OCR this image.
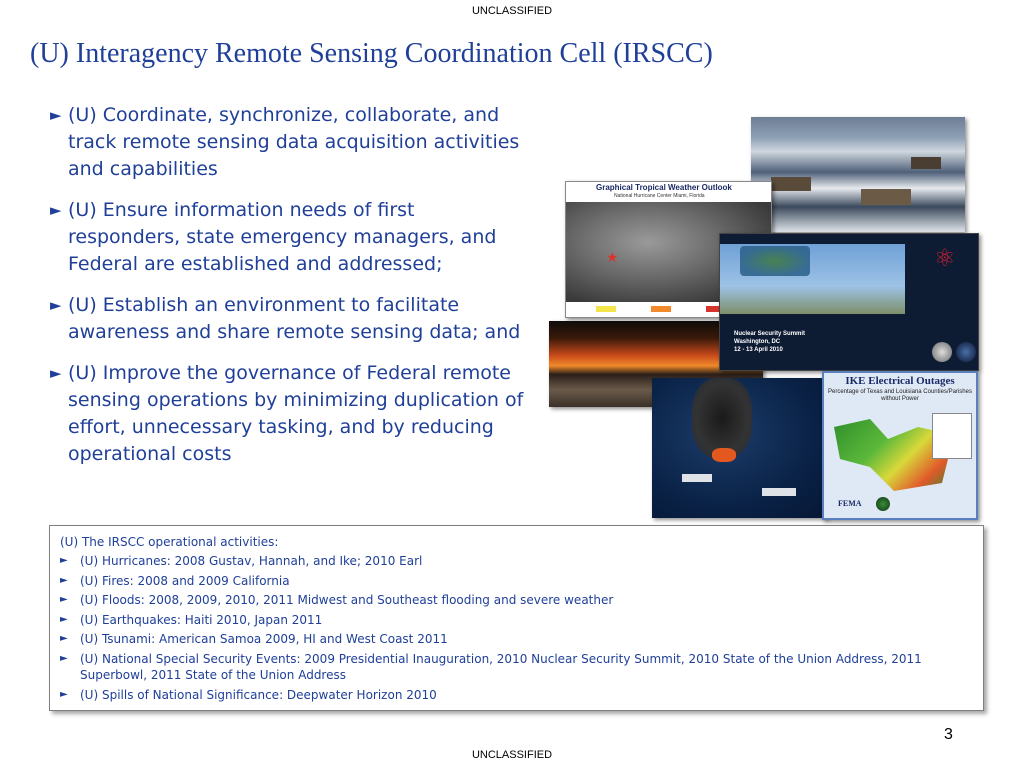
UNCLASSIFIED
(U) Interagency Remote Sensing Coordination Cell (IRSCC)
► (U) Coordinate, synchronize, collaborate, and track remote sensing data acquisition activities and capabilities
► (U) Ensure information needs of first responders, state emergency managers, and Federal are established and addressed;
► (U) Establish an environment to facilitate awareness and share remote sensing data; and
► (U) Improve the governance of Federal remote sensing operations by minimizing duplication of effort, unnecessary tasking, and by reducing operational costs
Graphical Tropical Weather Outlook
National Hurricane Center Miami, Florida
★	⚛
Nuclear Security Summit
Washington, DC
12 - 13 April 2010
IKE Electrical Outages
Percentage of Texas and Louisiana Counties/Parishes without Power
FEMA
(U) The IRSCC operational activities:
► (U) Hurricanes: 2008 Gustav, Hannah, and Ike; 2010 Earl
► (U) Fires: 2008 and 2009 California
► (U) Floods: 2008, 2009, 2010, 2011 Midwest and Southeast flooding and severe weather
► (U) Earthquakes: Haiti 2010, Japan 2011
► (U) Tsunami: American Samoa 2009, HI and West Coast 2011
► (U) National Special Security Events: 2009 Presidential Inauguration, 2010 Nuclear Security Summit, 2010 State of the Union Address, 2011 Superbowl, 2011 State of the Union Address
► (U) Spills of National Significance: Deepwater Horizon 2010
3
UNCLASSIFIED
